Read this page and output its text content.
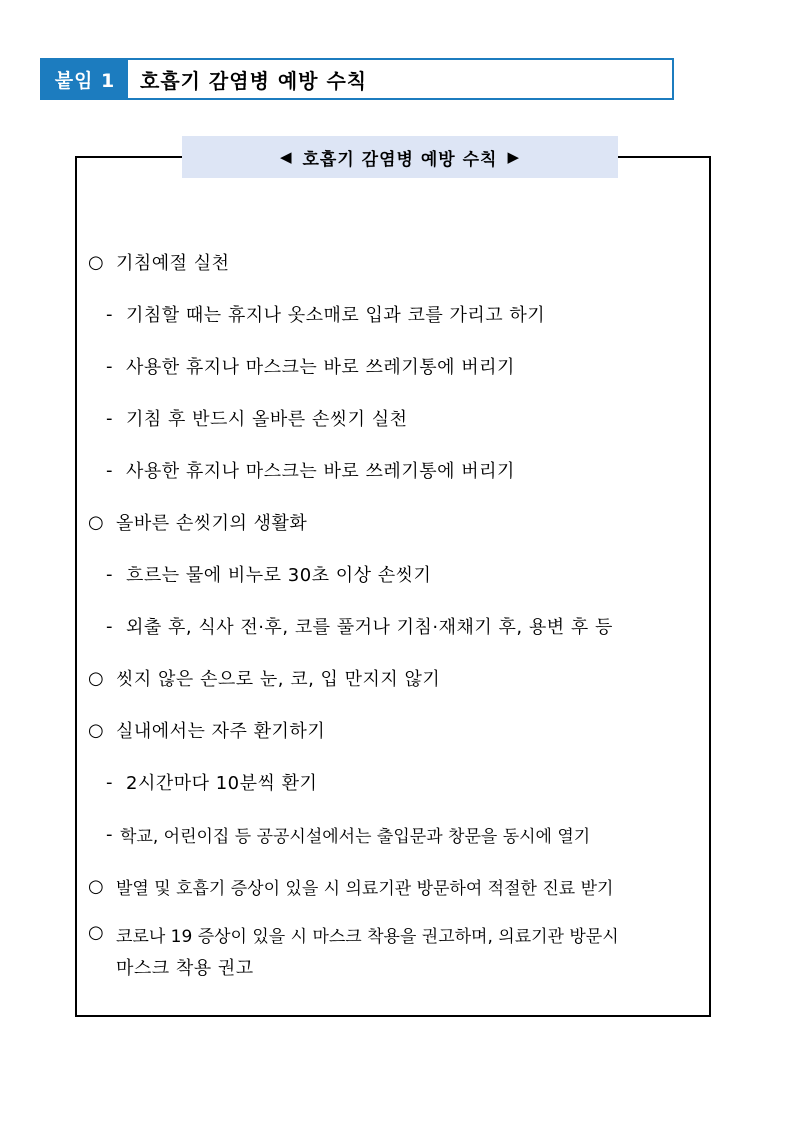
붙임 1	호흡기 감염병 예방 수칙
◀ 호흡기 감염병 예방 수칙 ▶
○ 기침예절 실천
- 기침할 때는 휴지나 옷소매로 입과 코를 가리고 하기
- 사용한 휴지나 마스크는 바로 쓰레기통에 버리기
- 기침 후 반드시 올바른 손씻기 실천
- 사용한 휴지나 마스크는 바로 쓰레기통에 버리기
○ 올바른 손씻기의 생활화
- 흐르는 물에 비누로 30초 이상 손씻기
- 외출 후, 식사 전·후, 코를 풀거나 기침·재채기 후, 용변 후 등
○ 씻지 않은 손으로 눈, 코, 입 만지지 않기
○ 실내에서는 자주 환기하기
- 2시간마다 10분씩 환기
- 학교, 어린이집 등 공공시설에서는 출입문과 창문을 동시에 열기
○ 발열 및 호흡기 증상이 있을 시 의료기관 방문하여 적절한 진료 받기
○ 코로나 19 증상이 있을 시 마스크 착용을 권고하며, 의료기관 방문시
마스크 착용 권고
